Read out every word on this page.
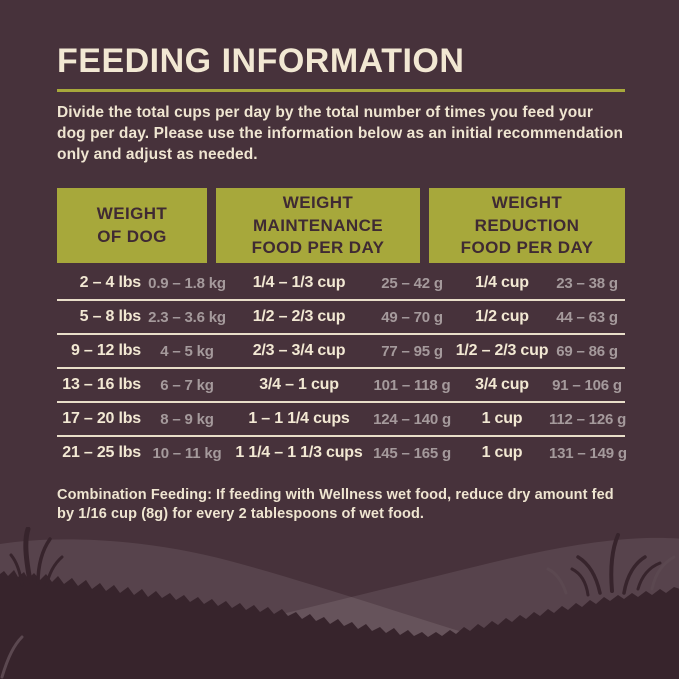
FEEDING INFORMATION

Divide the total cups per day by the total number of times you feed your dog per day. Please use the information below as an initial recommendation only and adjust as needed.

WEIGHT
OF DOG
WEIGHT
MAINTENANCE
FOOD PER DAY
WEIGHT
REDUCTION
FOOD PER DAY
2 – 4 lbs 0.9 – 1.8 kg	1/4 – 1/3 cup	25 – 42 g	1/4 cup	23 – 38 g
5 – 8 lbs 2.3 – 3.6 kg	1/2 – 2/3 cup	49 – 70 g	1/2 cup	44 – 63 g
9 – 12 lbs	4 – 5 kg	2/3 – 3/4 cup	77 – 95 g 1/2 – 2/3 cup 69 – 86 g
13 – 16 lbs	6 – 7 kg	3/4 – 1 cup	101 – 118 g	3/4 cup	91 – 106 g
17 – 20 lbs	8 – 9 kg	1 – 1 1/4 cups	124 – 140 g	1 cup	112 – 126 g
21 – 25 lbs 10 – 11 kg 1 1/4 – 1 1/3 cups 145 – 165 g	1 cup	131 – 149 g

Combination Feeding: If feeding with Wellness wet food, reduce dry amount fed by 1/16 cup (8g) for every 2 tablespoons of wet food.
